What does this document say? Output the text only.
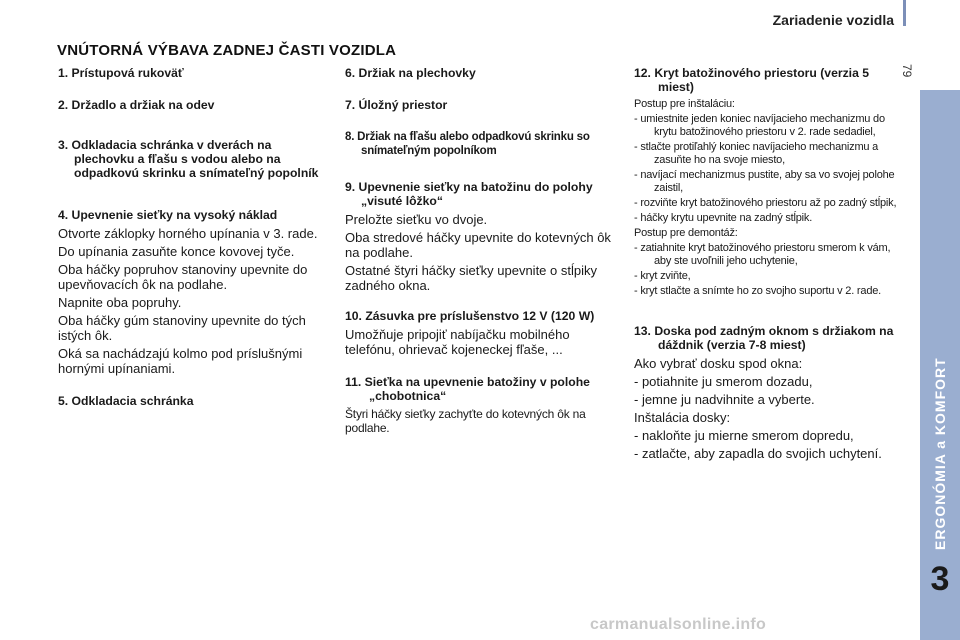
Zariadenie vozidla
79
ERGONÓMIA a KOMFORT
3
VNÚTORNÁ VÝBAVA ZADNEJ ČASTI VOZIDLA

1. Prístupová rukoväť

2. Držadlo a držiak na odev

3. Odkladacia schránka v dverách na plechovku a fľašu s vodou alebo na odpadkovú skrinku a snímateľný popolník

4. Upevnenie sieťky na vysoký náklad

Otvorte záklopky horného upínania v 3. rade.

Do upínania zasuňte konce kovovej tyče.

Oba háčky popruhov stanoviny upevnite do upevňovacích ôk na podlahe.

Napnite oba popruhy.

Oba háčky gúm stanoviny upevnite do tých istých ôk.

Oká sa nachádzajú kolmo pod príslušnými hornými upínaniami.

5. Odkladacia schránka

6. Držiak na plechovky

7. Úložný priestor

8. Držiak na fľašu alebo odpadkovú skrinku so snímateľným popolníkom

9. Upevnenie sieťky na batožinu do polohy „visuté lôžko“

Preložte sieťku vo dvoje.

Oba stredové háčky upevnite do kotevných ôk na podlahe.

Ostatné štyri háčky sieťky upevnite o stĺpiky zadného okna.

10. Zásuvka pre príslušenstvo 12 V (120 W)

Umožňuje pripojiť nabíjačku mobilného telefónu, ohrievač kojeneckej fľaše, ...

11. Sieťka na upevnenie batožiny v polohe „chobotnica“

Štyri háčky sieťky zachyťte do kotevných ôk na podlahe.

12. Kryt batožinového priestoru (verzia 5 miest)

Postup pre inštaláciu:

- umiestnite jeden koniec navíjacieho mechanizmu do krytu batožinového priestoru v 2. rade sedadiel,

- stlačte protiľahlý koniec navíjacieho mechanizmu a zasuňte ho na svoje miesto,

- navíjací mechanizmus pustite, aby sa vo svojej polohe zaistil,

- rozviňte kryt batožinového priestoru až po zadný stĺpik,

- háčky krytu upevnite na zadný stĺpik.

Postup pre demontáž:

- zatiahnite kryt batožinového priestoru smerom k vám, aby ste uvoľnili jeho uchytenie,

- kryt zviňte,

- kryt stlačte a snímte ho zo svojho suportu v 2. rade.

13. Doska pod zadným oknom s držiakom na dáždnik (verzia 7-8 miest)

Ako vybrať dosku spod okna:

- potiahnite ju smerom dozadu,

- jemne ju nadvihnite a vyberte.

Inštalácia dosky:

- nakloňte ju mierne smerom dopredu,

- zatlačte, aby zapadla do svojich uchytení.

carmanualsonline.info
